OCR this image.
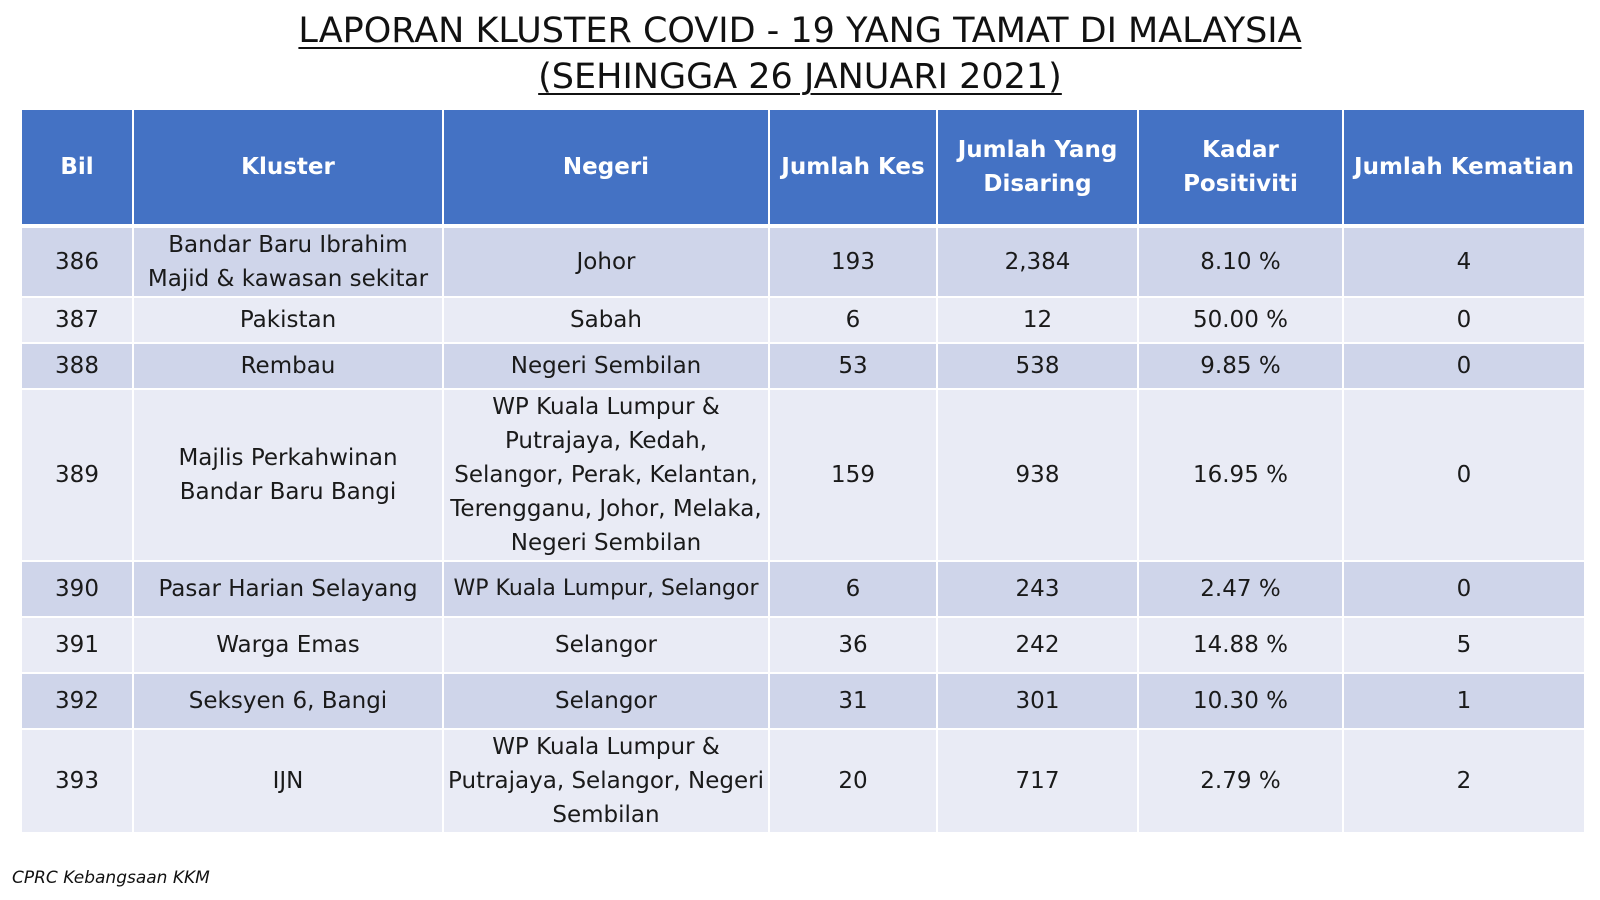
LAPORAN KLUSTER COVID - 19 YANG TAMAT DI MALAYSIA
(SEHINGGA 26 JANUARI 2021)
Bil	Kluster	Negeri	Jumlah Kes	Jumlah Yang Disaring	Kadar Positiviti	Jumlah Kematian
386	Bandar Baru Ibrahim Majid & kawasan sekitar	Johor	193	2,384	8.10 %	4
387	Pakistan	Sabah	6	12	50.00 %	0
388	Rembau	Negeri Sembilan	53	538	9.85 %	0
389	Majlis Perkahwinan Bandar Baru Bangi	WP Kuala Lumpur & Putrajaya, Kedah, Selangor, Perak, Kelantan, Terengganu, Johor, Melaka, Negeri Sembilan	159	938	16.95 %	0
390	Pasar Harian Selayang	WP Kuala Lumpur, Selangor	6	243	2.47 %	0
391	Warga Emas	Selangor	36	242	14.88 %	5
392	Seksyen 6, Bangi	Selangor	31	301	10.30 %	1
393	IJN	WP Kuala Lumpur & Putrajaya, Selangor, Negeri Sembilan	20	717	2.79 %	2
CPRC Kebangsaan KKM
